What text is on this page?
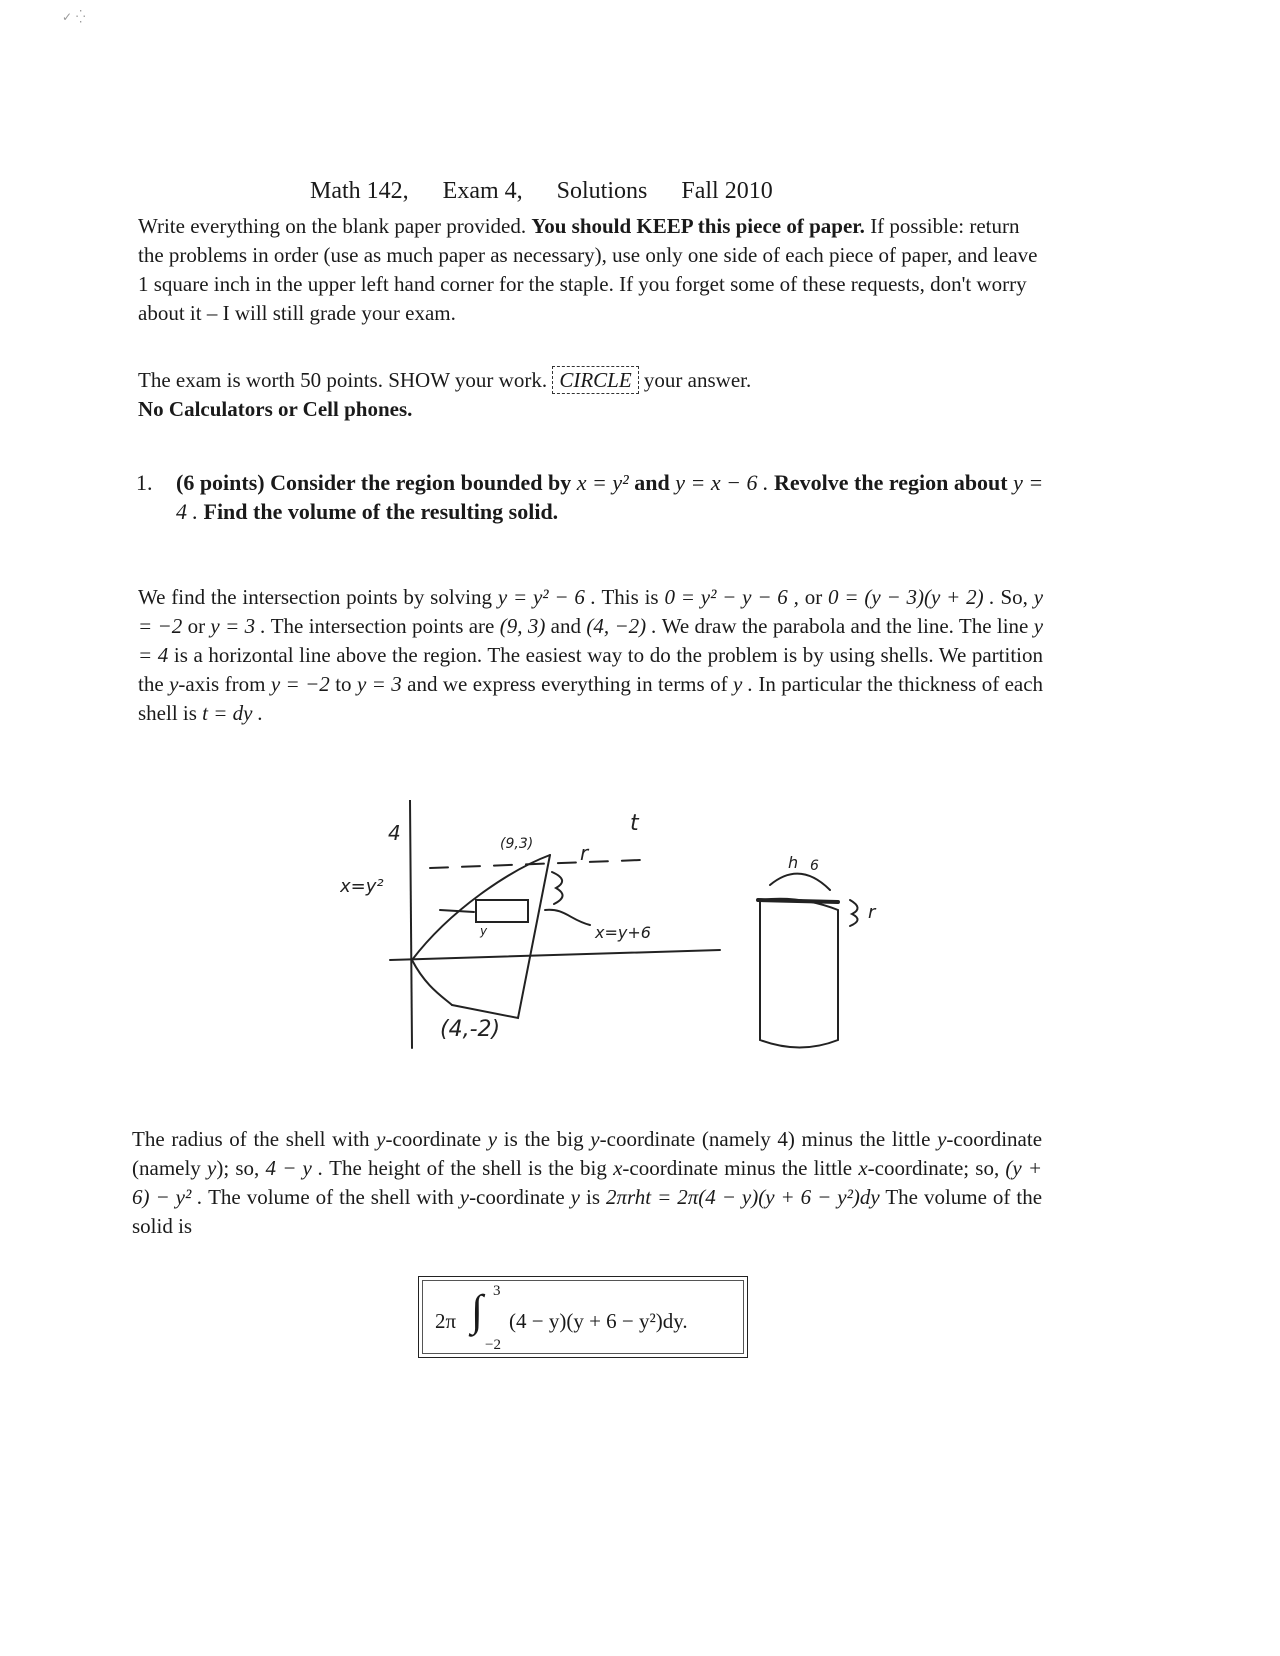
✓ ⁛
Math 142, Exam 4, Solutions Fall 2010
Write everything on the blank paper provided. You should KEEP this piece of paper. If possible: return the problems in order (use as much paper as necessary), use only one side of each piece of paper, and leave 1 square inch in the upper left hand corner for the staple. If you forget some of these requests, don't worry about it – I will still grade your exam.
The exam is worth 50 points. SHOW your work. CIRCLE your answer.
No Calculators or Cell phones.
1. (6 points) Consider the region bounded by x = y² and y = x − 6 . Revolve the region about y = 4 . Find the volume of the resulting solid.
We find the intersection points by solving y = y² − 6 . This is 0 = y² − y − 6 , or 0 = (y − 3)(y + 2) . So, y = −2 or y = 3 . The intersection points are (9, 3) and (4, −2) . We draw the parabola and the line. The line y = 4 is a horizontal line above the region. The easiest way to do the problem is by using shells. We partition the y-axis from y = −2 to y = 3 and we express everything in terms of y . In particular the thickness of each shell is t = dy .
4
x=y²
(9,3) r
t
x=y+6
y
(4,-2)
h 6
r
The radius of the shell with y-coordinate y is the big y-coordinate (namely 4) minus the little y-coordinate (namely y); so, 4 − y . The height of the shell is the big x-coordinate minus the little x-coordinate; so, (y + 6) − y² . The volume of the shell with y-coordinate y is 2πrht = 2π(4 − y)(y + 6 − y²)dy The volume of the solid is
2π ∫ 3
−2
(4 − y)(y + 6 − y²)dy.
